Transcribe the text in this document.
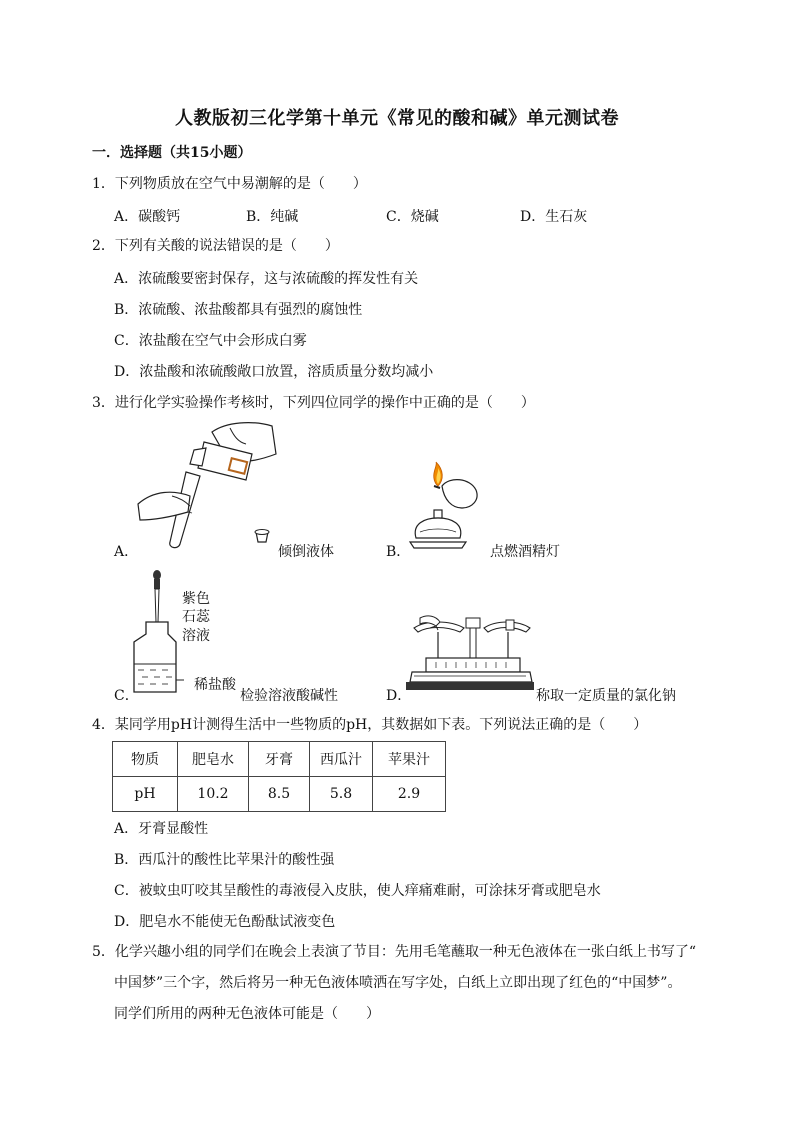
人教版初三化学第十单元《常见的酸和碱》单元测试卷
一．选择题（共15小题）
1．下列物质放在空气中易潮解的是（　　）
A．碳酸钙	B．纯碱	C．烧碱	D．生石灰
2．下列有关酸的说法错误的是（　　）
A．浓硫酸要密封保存，这与浓硫酸的挥发性有关
B．浓硫酸、浓盐酸都具有强烈的腐蚀性
C．浓盐酸在空气中会形成白雾
D．浓盐酸和浓硫酸敞口放置，溶质质量分数均减小
3．进行化学实验操作考核时，下列四位同学的操作中正确的是（　　）
A．	倾倒液体	B．	点燃酒精灯
紫色
石蕊
溶液
稀盐酸
C．	检验溶液酸碱性	D．	称取一定质量的氯化钠
4．某同学用pH计测得生活中一些物质的pH，其数据如下表。下列说法正确的是（　　）
物质	肥皂水	牙膏	西瓜汁	苹果汁
pH	10.2	8.5	5.8	2.9
A．牙膏显酸性
B．西瓜汁的酸性比苹果汁的酸性强
C．被蚊虫叮咬其呈酸性的毒液侵入皮肤，使人痒痛难耐，可涂抹牙膏或肥皂水
D．肥皂水不能使无色酚酞试液变色
5．化学兴趣小组的同学们在晚会上表演了节目：先用毛笔蘸取一种无色液体在一张白纸上书写了“
中国梦”三个字，然后将另一种无色液体喷洒在写字处，白纸上立即出现了红色的“中国梦”。
同学们所用的两种无色液体可能是（　　）
